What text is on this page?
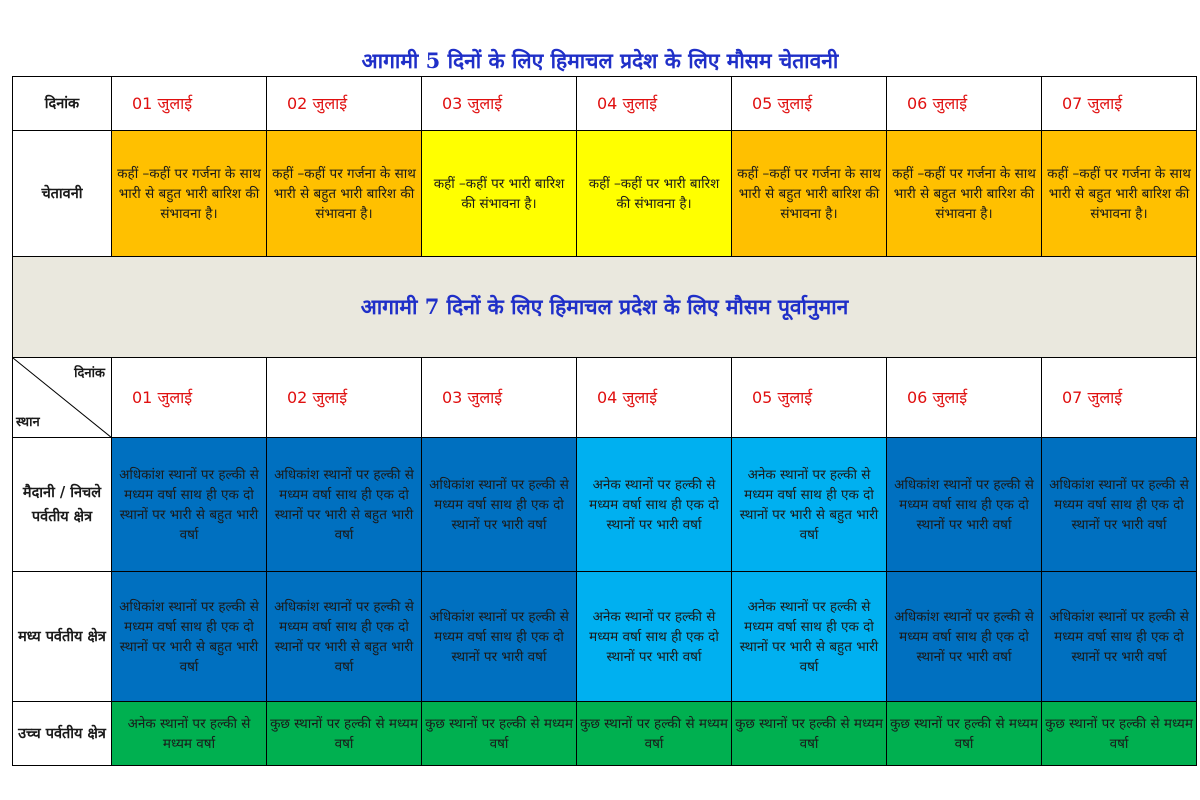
आगामी 5 दिनों के लिए हिमाचल प्रदेश के लिए मौसम चेतावनी
दिनांक	01 जुलाई	02 जुलाई	03 जुलाई	04 जुलाई	05 जुलाई	06 जुलाई	07 जुलाई
चेतावनी	कहीं –कहीं पर गर्जना के साथ भारी से बहुत भारी बारिश की संभावना है।	कहीं –कहीं पर गर्जना के साथ भारी से बहुत भारी बारिश की संभावना है।	कहीं –कहीं पर भारी बारिश की संभावना है।	कहीं –कहीं पर भारी बारिश की संभावना है।	कहीं –कहीं पर गर्जना के साथ भारी से बहुत भारी बारिश की संभावना है।	कहीं –कहीं पर गर्जना के साथ भारी से बहुत भारी बारिश की संभावना है।	कहीं –कहीं पर गर्जना के साथ भारी से बहुत भारी बारिश की संभावना है।

आगामी 7 दिनों के लिए हिमाचल प्रदेश के लिए मौसम पूर्वानुमान							

दिनांक
स्थान	01 जुलाई	02 जुलाई	03 जुलाई	04 जुलाई	05 जुलाई	06 जुलाई	07 जुलाई
मैदानी / निचले पर्वतीय क्षेत्र	अधिकांश स्थानों पर हल्की से मध्यम वर्षा साथ ही एक दो स्थानों पर भारी से बहुत भारी वर्षा	अधिकांश स्थानों पर हल्की से मध्यम वर्षा साथ ही एक दो स्थानों पर भारी से बहुत भारी वर्षा	अधिकांश स्थानों पर हल्की से मध्यम वर्षा साथ ही एक दो स्थानों पर भारी वर्षा	अनेक स्थानों पर हल्की से मध्यम वर्षा साथ ही एक दो स्थानों पर भारी वर्षा	अनेक स्थानों पर हल्की से मध्यम वर्षा साथ ही एक दो स्थानों पर भारी से बहुत भारी वर्षा	अधिकांश स्थानों पर हल्की से मध्यम वर्षा साथ ही एक दो स्थानों पर भारी वर्षा	अधिकांश स्थानों पर हल्की से मध्यम वर्षा साथ ही एक दो स्थानों पर भारी वर्षा
मध्य पर्वतीय क्षेत्र	अधिकांश स्थानों पर हल्की से मध्यम वर्षा साथ ही एक दो स्थानों पर भारी से बहुत भारी वर्षा	अधिकांश स्थानों पर हल्की से मध्यम वर्षा साथ ही एक दो स्थानों पर भारी से बहुत भारी वर्षा	अधिकांश स्थानों पर हल्की से मध्यम वर्षा साथ ही एक दो स्थानों पर भारी वर्षा	अनेक स्थानों पर हल्की से मध्यम वर्षा साथ ही एक दो स्थानों पर भारी वर्षा	अनेक स्थानों पर हल्की से मध्यम वर्षा साथ ही एक दो स्थानों पर भारी से बहुत भारी वर्षा	अधिकांश स्थानों पर हल्की से मध्यम वर्षा साथ ही एक दो स्थानों पर भारी वर्षा	अधिकांश स्थानों पर हल्की से मध्यम वर्षा साथ ही एक दो स्थानों पर भारी वर्षा
उच्च पर्वतीय क्षेत्र	अनेक स्थानों पर हल्की से मध्यम वर्षा	कुछ स्थानों पर हल्की से मध्यम वर्षा	कुछ स्थानों पर हल्की से मध्यम वर्षा	कुछ स्थानों पर हल्की से मध्यम वर्षा	कुछ स्थानों पर हल्की से मध्यम वर्षा	कुछ स्थानों पर हल्की से मध्यम वर्षा	कुछ स्थानों पर हल्की से मध्यम वर्षा
